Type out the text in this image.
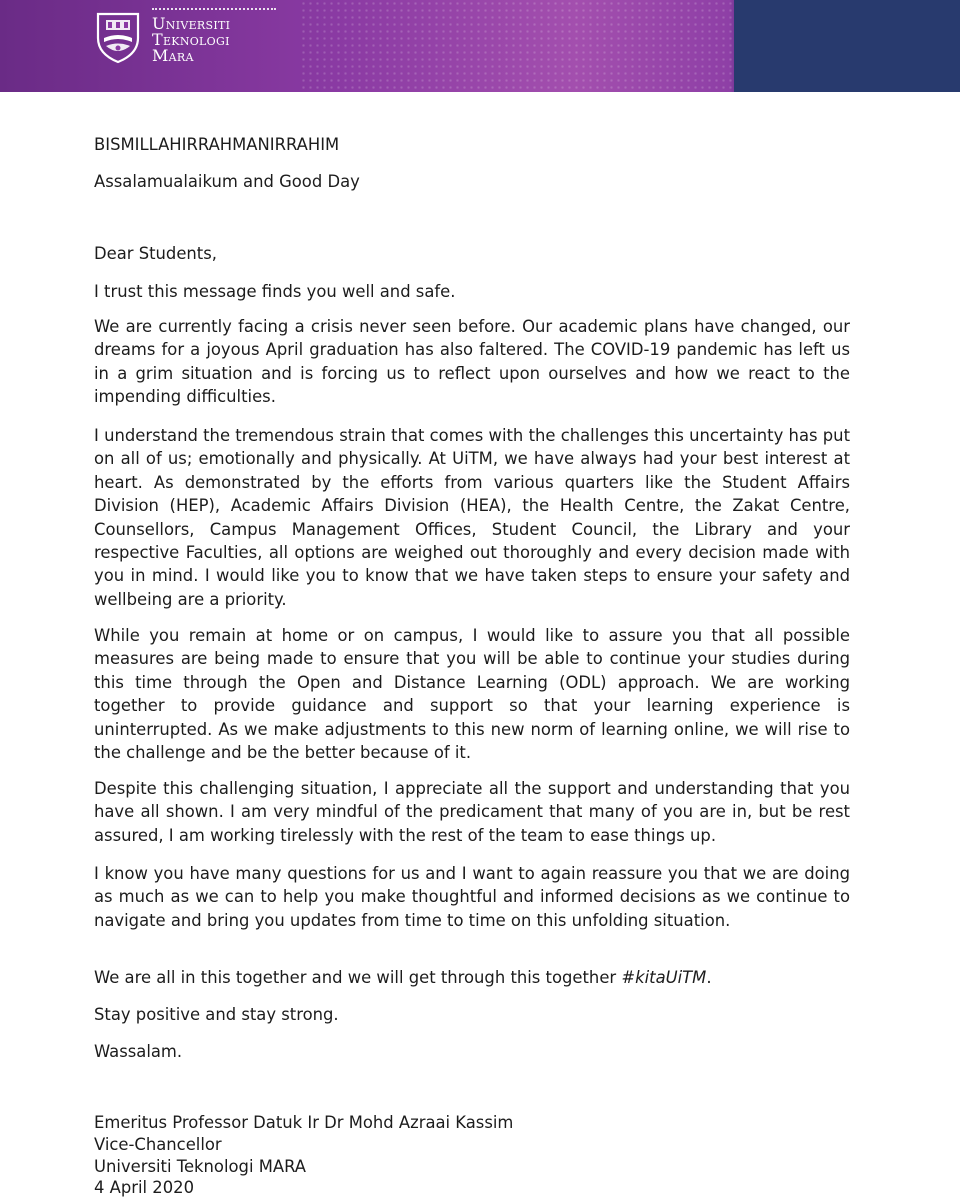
Universiti
Teknologi
Mara
BISMILLAHIRRAHMANIRRAHIM
Assalamualaikum and Good Day
Dear Students,
I trust this message finds you well and safe.
We are currently facing a crisis never seen before. Our academic plans have changed, our dreams for a joyous April graduation has also faltered. The COVID-19 pandemic has left us in a grim situation and is forcing us to reflect upon ourselves and how we react to the impending difficulties.
I understand the tremendous strain that comes with the challenges this uncertainty has put on all of us; emotionally and physically. At UiTM, we have always had your best interest at heart. As demonstrated by the efforts from various quarters like the Student Affairs Division (HEP), Academic Affairs Division (HEA), the Health Centre, the Zakat Centre, Counsellors, Campus Management Offices, Student Council, the Library and your respective Faculties, all options are weighed out thoroughly and every decision made with you in mind. I would like you to know that we have taken steps to ensure your safety and wellbeing are a priority.
While you remain at home or on campus, I would like to assure you that all possible measures are being made to ensure that you will be able to continue your studies during this time through the Open and Distance Learning (ODL) approach. We are working together to provide guidance and support so that your learning experience is uninterrupted. As we make adjustments to this new norm of learning online, we will rise to the challenge and be the better because of it.
Despite this challenging situation, I appreciate all the support and understanding that you have all shown. I am very mindful of the predicament that many of you are in, but be rest assured, I am working tirelessly with the rest of the team to ease things up.
I know you have many questions for us and I want to again reassure you that we are doing as much as we can to help you make thoughtful and informed decisions as we continue to navigate and bring you updates from time to time on this unfolding situation.
We are all in this together and we will get through this together #kitaUiTM.
Stay positive and stay strong.
Wassalam.
Emeritus Professor Datuk Ir Dr Mohd Azraai Kassim
Vice-Chancellor
Universiti Teknologi MARA
4 April 2020
